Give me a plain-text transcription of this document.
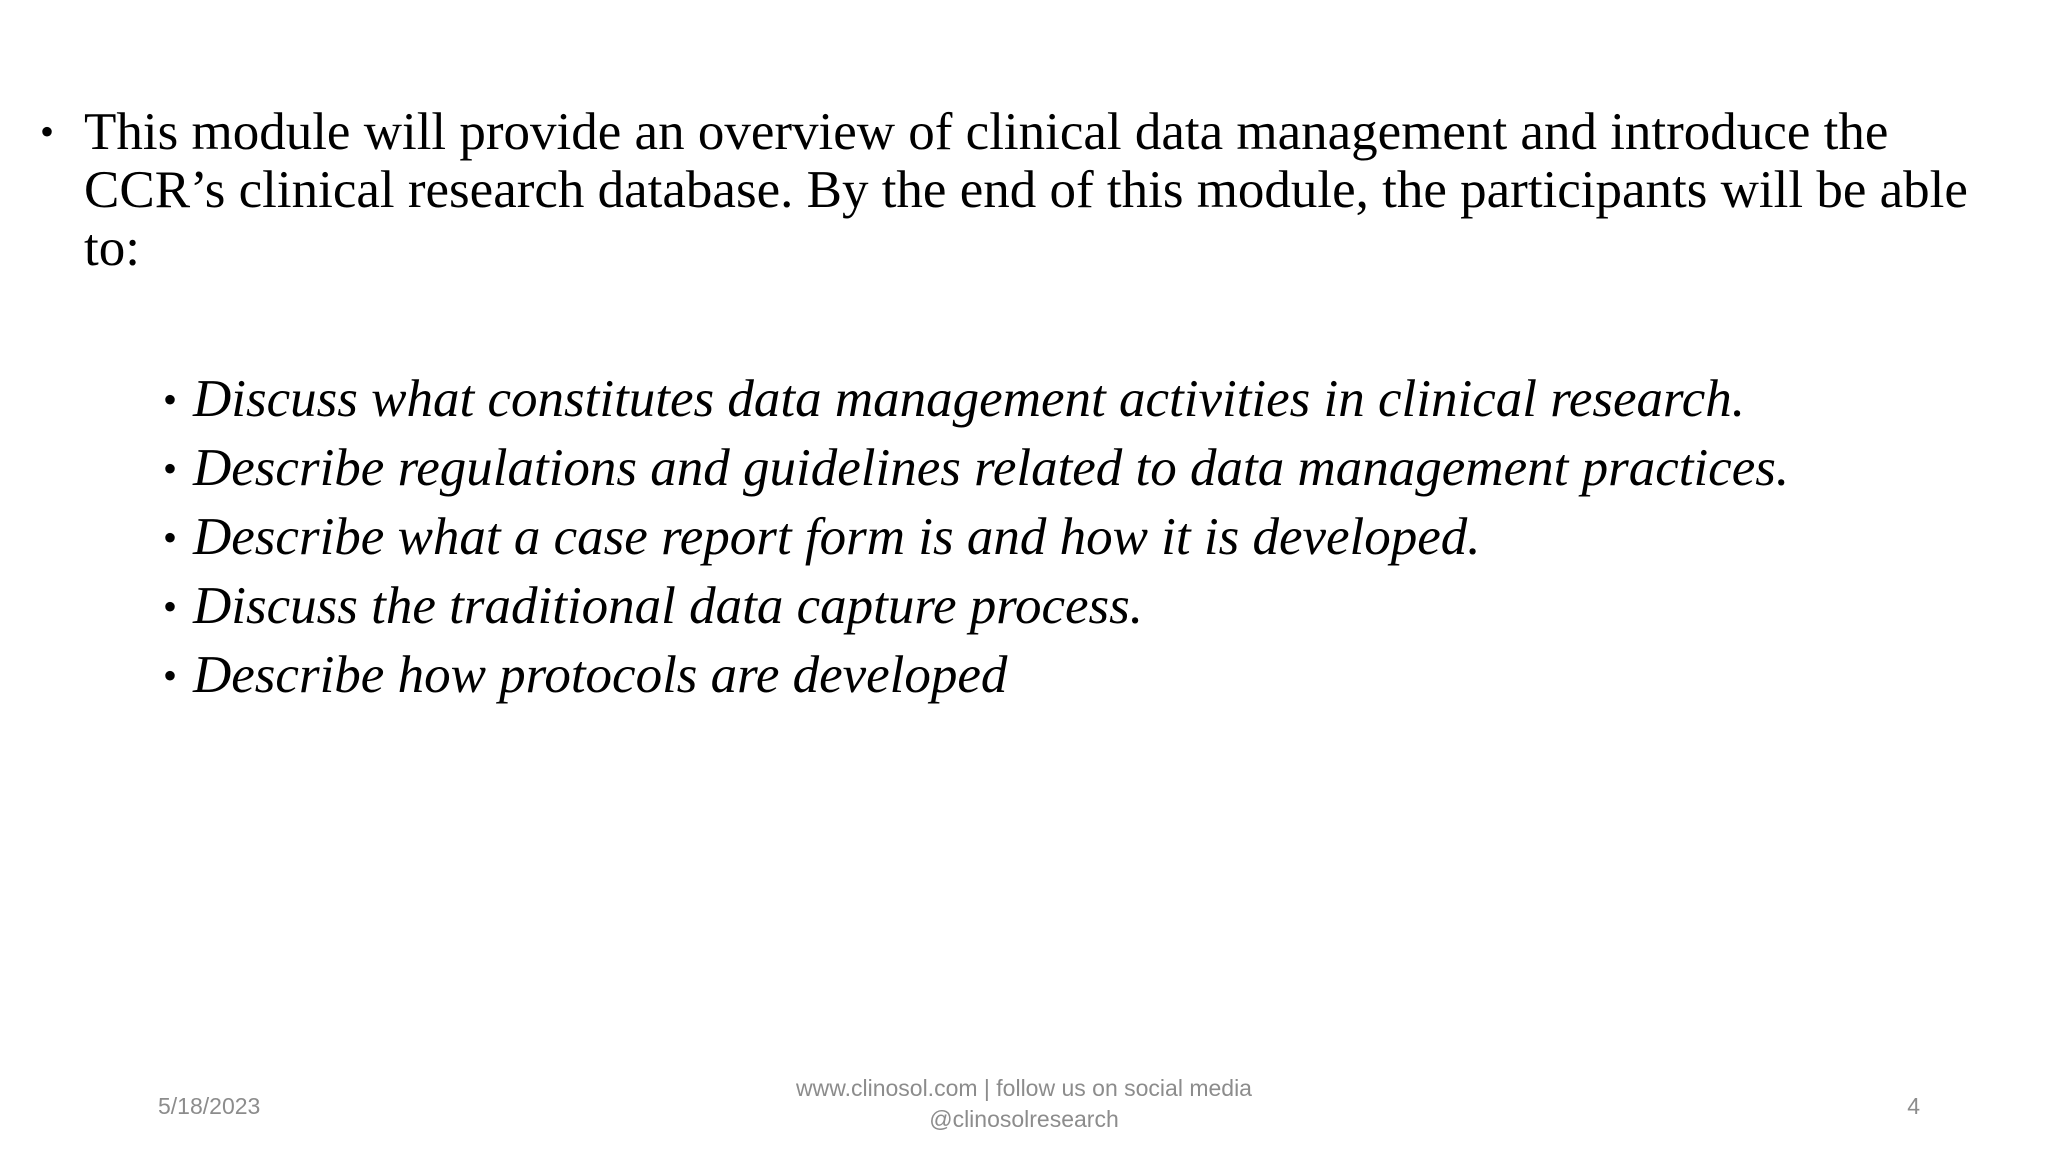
• This module will provide an overview of clinical data management and introduce the CCR’s clinical research database. By the end of this module, the participants will be able to:
• Discuss what constitutes data management activities in clinical research.
• Describe regulations and guidelines related to data management practices.
• Describe what a case report form is and how it is developed.
• Discuss the traditional data capture process.
• Describe how protocols are developed
5/18/2023
www.clinosol.com | follow us on social media
@clinosolresearch	4
